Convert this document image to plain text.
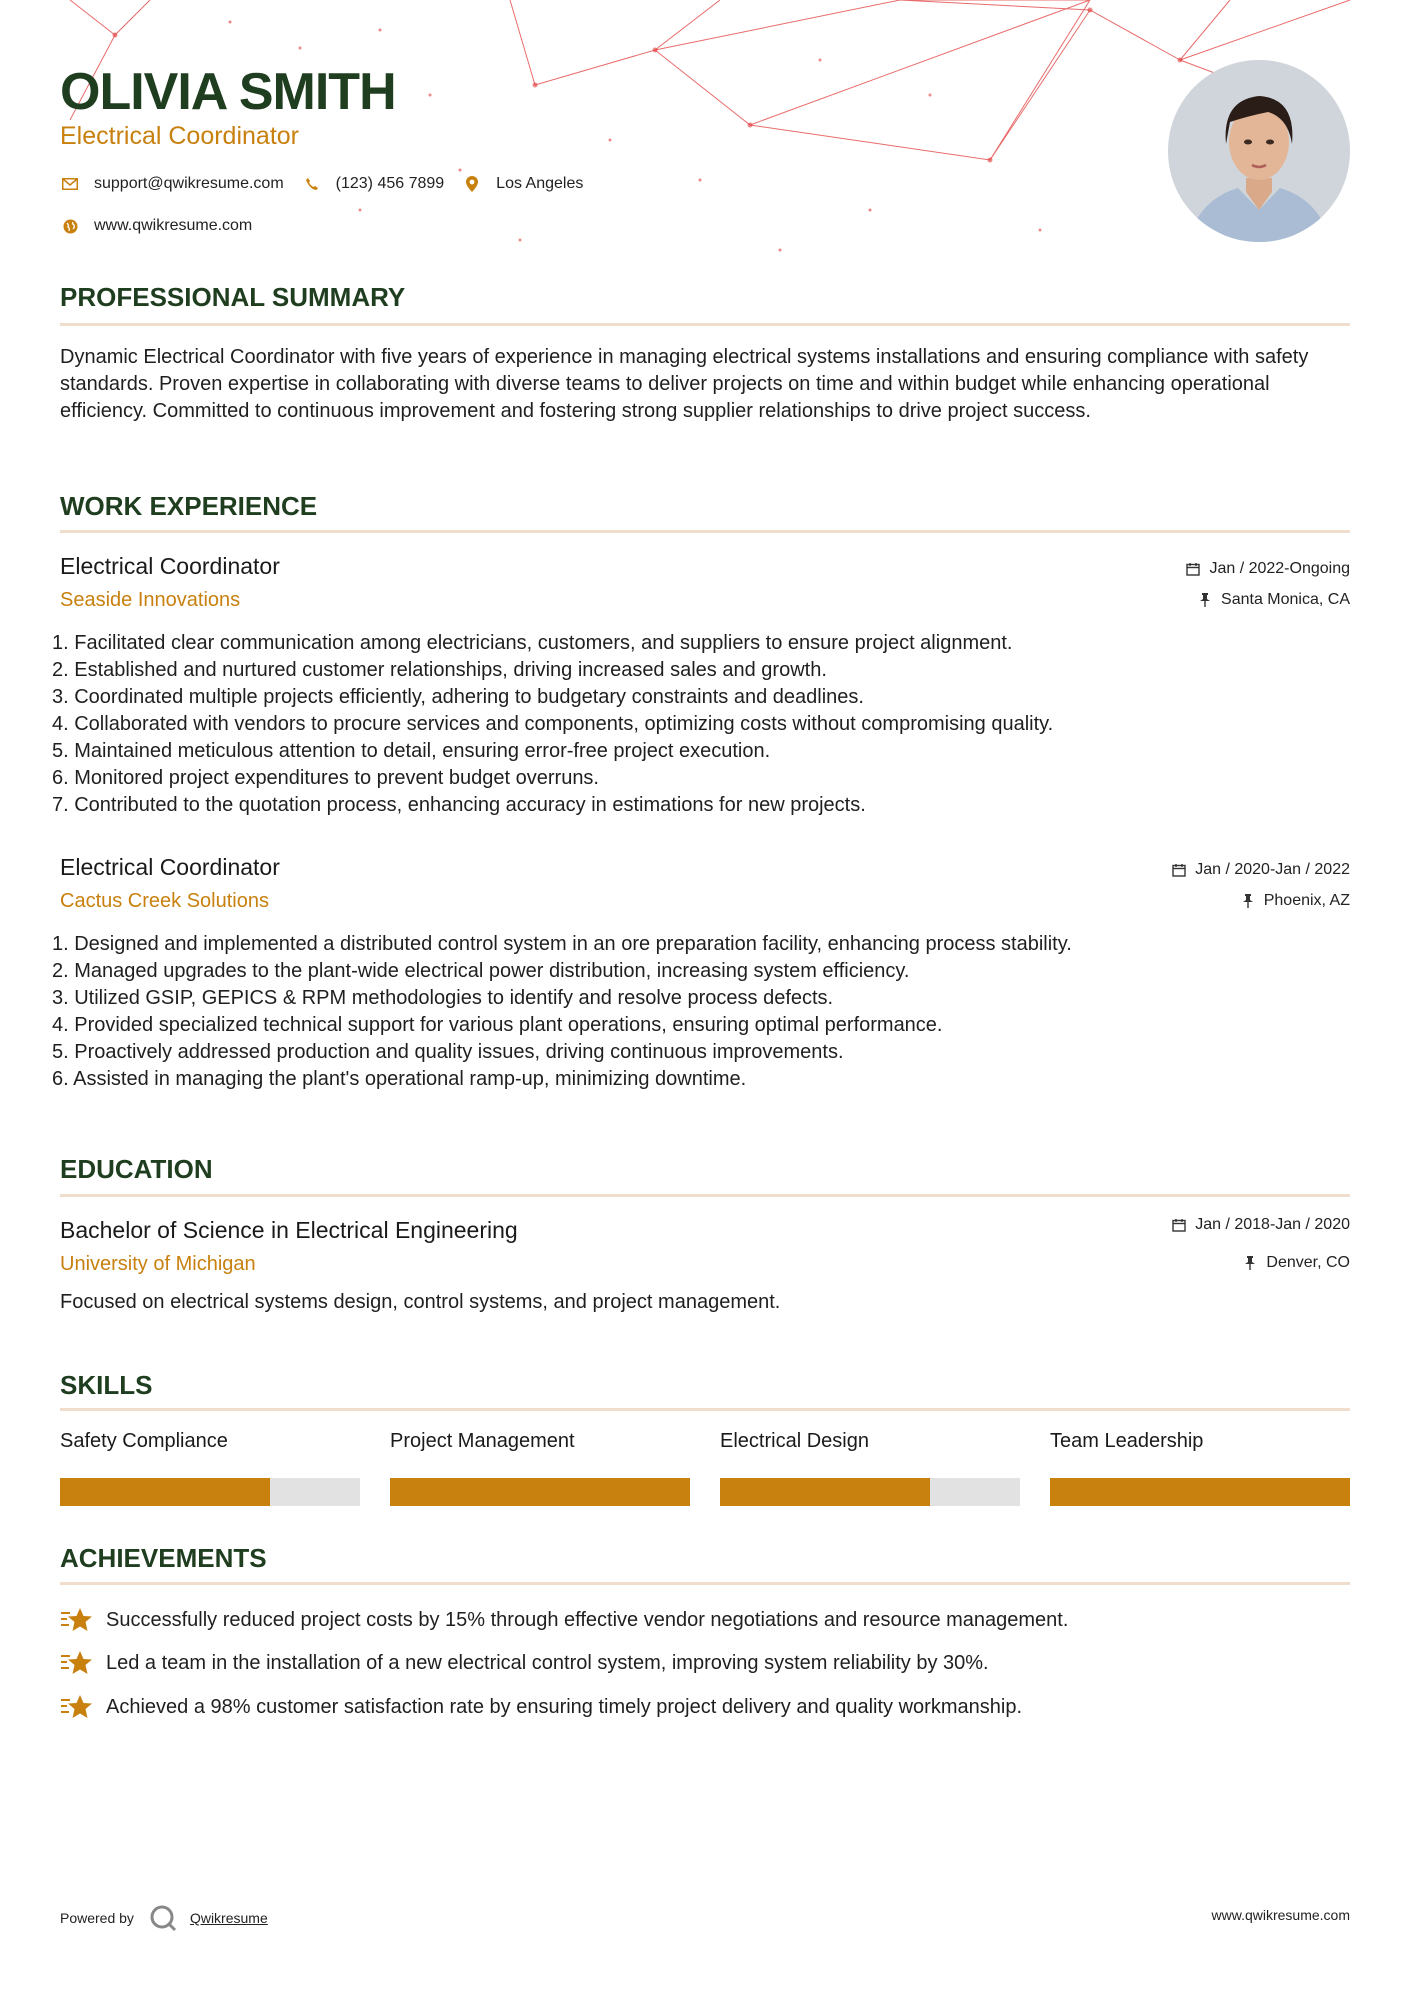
OLIVIA SMITH
Electrical Coordinator
support@qwikresume.com	(123) 456 7899	Los Angeles
www.qwikresume.com
PROFESSIONAL SUMMARY
Dynamic Electrical Coordinator with five years of experience in managing electrical systems installations and ensuring compliance with safety standards. Proven expertise in collaborating with diverse teams to deliver projects on time and within budget while enhancing operational efficiency. Committed to continuous improvement and fostering strong supplier relationships to drive project success.
WORK EXPERIENCE
Electrical Coordinator
Seaside Innovations
Jan / 2022-Ongoing
Santa Monica, CA
1. Facilitated clear communication among electricians, customers, and suppliers to ensure project alignment.
2. Established and nurtured customer relationships, driving increased sales and growth.
3. Coordinated multiple projects efficiently, adhering to budgetary constraints and deadlines.
4. Collaborated with vendors to procure services and components, optimizing costs without compromising quality.
5. Maintained meticulous attention to detail, ensuring error-free project execution.
6. Monitored project expenditures to prevent budget overruns.
7. Contributed to the quotation process, enhancing accuracy in estimations for new projects.
Electrical Coordinator
Cactus Creek Solutions
Jan / 2020-Jan / 2022
Phoenix, AZ
1. Designed and implemented a distributed control system in an ore preparation facility, enhancing process stability.
2. Managed upgrades to the plant-wide electrical power distribution, increasing system efficiency.
3. Utilized GSIP, GEPICS & RPM methodologies to identify and resolve process defects.
4. Provided specialized technical support for various plant operations, ensuring optimal performance.
5. Proactively addressed production and quality issues, driving continuous improvements.
6. Assisted in managing the plant's operational ramp-up, minimizing downtime.
EDUCATION
Bachelor of Science in Electrical Engineering
University of Michigan
Jan / 2018-Jan / 2020
Denver, CO
Focused on electrical systems design, control systems, and project management.
SKILLS
Safety Compliance	Project Management	Electrical Design	Team Leadership
ACHIEVEMENTS
Successfully reduced project costs by 15% through effective vendor negotiations and resource management.
Led a team in the installation of a new electrical control system, improving system reliability by 30%.
Achieved a 98% customer satisfaction rate by ensuring timely project delivery and quality workmanship.
Powered by	Qwikresume	www.qwikresume.com
